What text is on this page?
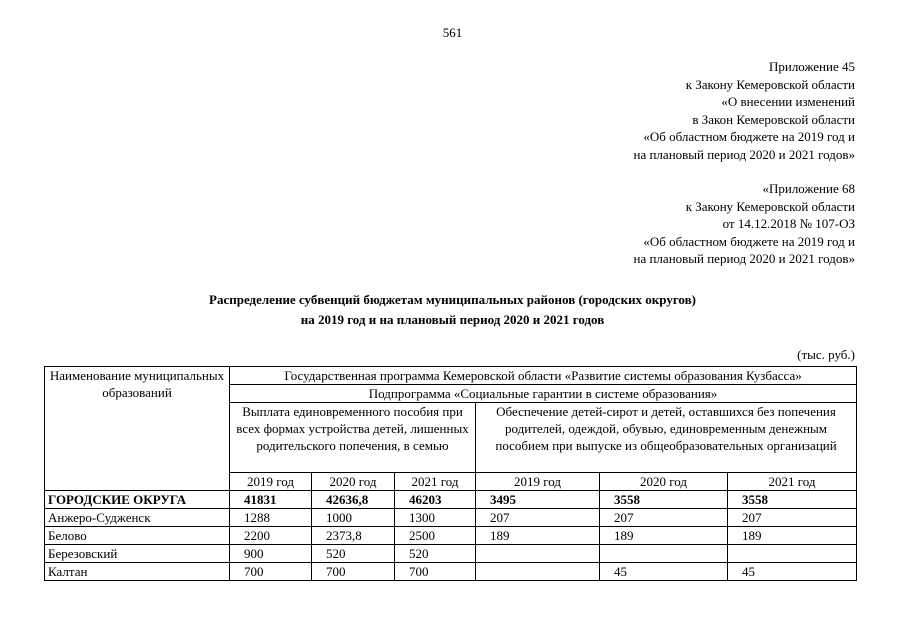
561
Приложение 45
к Закону Кемеровской области
«О внесении изменений
в Закон Кемеровской области
«Об областном бюджете на 2019 год и
на плановый период 2020 и 2021 годов»
«Приложение 68
к Закону Кемеровской области
от 14.12.2018 № 107-ОЗ
«Об областном бюджете на 2019 год и
на плановый период 2020 и 2021 годов»
Распределение субвенций бюджетам муниципальных районов (городских округов)
на 2019 год и на плановый период 2020 и 2021 годов
(тыс. руб.)
Наименование муниципальных образований	Государственная программа Кемеровской области «Развитие системы образования Кузбасса»					
	Подпрограмма «Социальные гарантии в системе образования»					
	Выплата единовременного пособия при всех формах устройства детей, лишенных родительского попечения, в семью			Обеспечение детей-сирот и детей, оставшихся без попечения родителей, одеждой, обувью, единовременным денежным пособием при выпуске из общеобразовательных организаций		
	2019 год	2020 год	2021 год	2019 год	2020 год	2021 год
ГОРОДСКИЕ ОКРУГА	41831	42636,8	46203	3495	3558	3558
Анжеро-Судженск	1288	1000	1300	207	207	207
Белово	2200	2373,8	2500	189	189	189
Березовский	900	520	520			
Калтан	700	700	700		45	45
